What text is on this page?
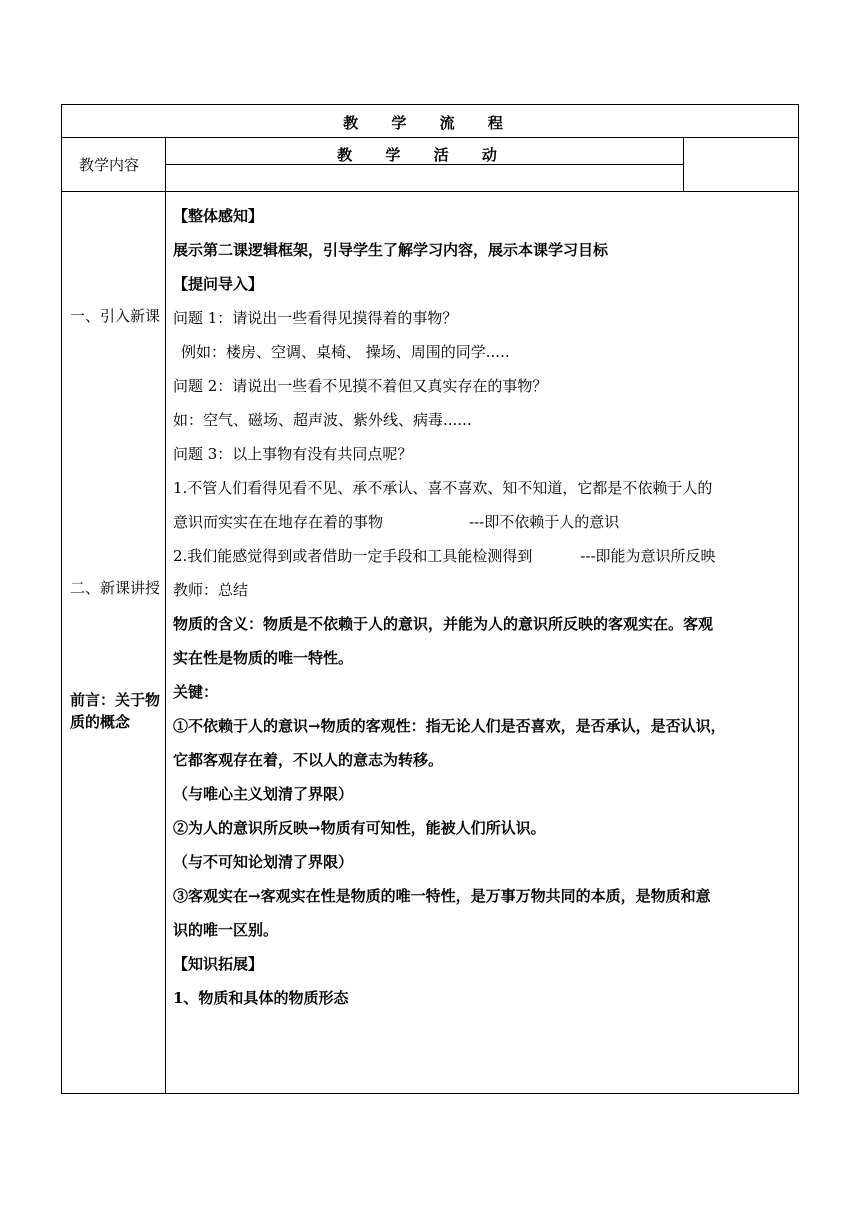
教 学 流 程
教学内容
教 学 活 动
一、引入新课
二、新课讲授
前言：关于物质的概念
【整体感知】
展示第二课逻辑框架，引导学生了解学习内容，展示本课学习目标
【提问导入】
问题 1：请说出一些看得见摸得着的事物？
例如：楼房、空调、桌椅、 操场、周围的同学.....
问题 2：请说出一些看不见摸不着但又真实存在的事物？
如：空气、磁场、超声波、紫外线、病毒......
问题 3：以上事物有没有共同点呢？
1.不管人们看得见看不见、承不承认、喜不喜欢、知不知道，它都是不依赖于人的
意识而实实在在地存在着的事物	---即不依赖于人的意识
2.我们能感觉得到或者借助一定手段和工具能检测得到	---即能为意识所反映
教师：总结
物质的含义：物质是不依赖于人的意识，并能为人的意识所反映的客观实在。客观
实在性是物质的唯一特性。
关键：
①不依赖于人的意识→物质的客观性：指无论人们是否喜欢，是否承认，是否认识，
它都客观存在着，不以人的意志为转移。
（与唯心主义划清了界限）
②为人的意识所反映→物质有可知性，能被人们所认识。
（与不可知论划清了界限）
③客观实在→客观实在性是物质的唯一特性，是万事万物共同的本质，是物质和意
识的唯一区别。
【知识拓展】
1、物质和具体的物质形态
